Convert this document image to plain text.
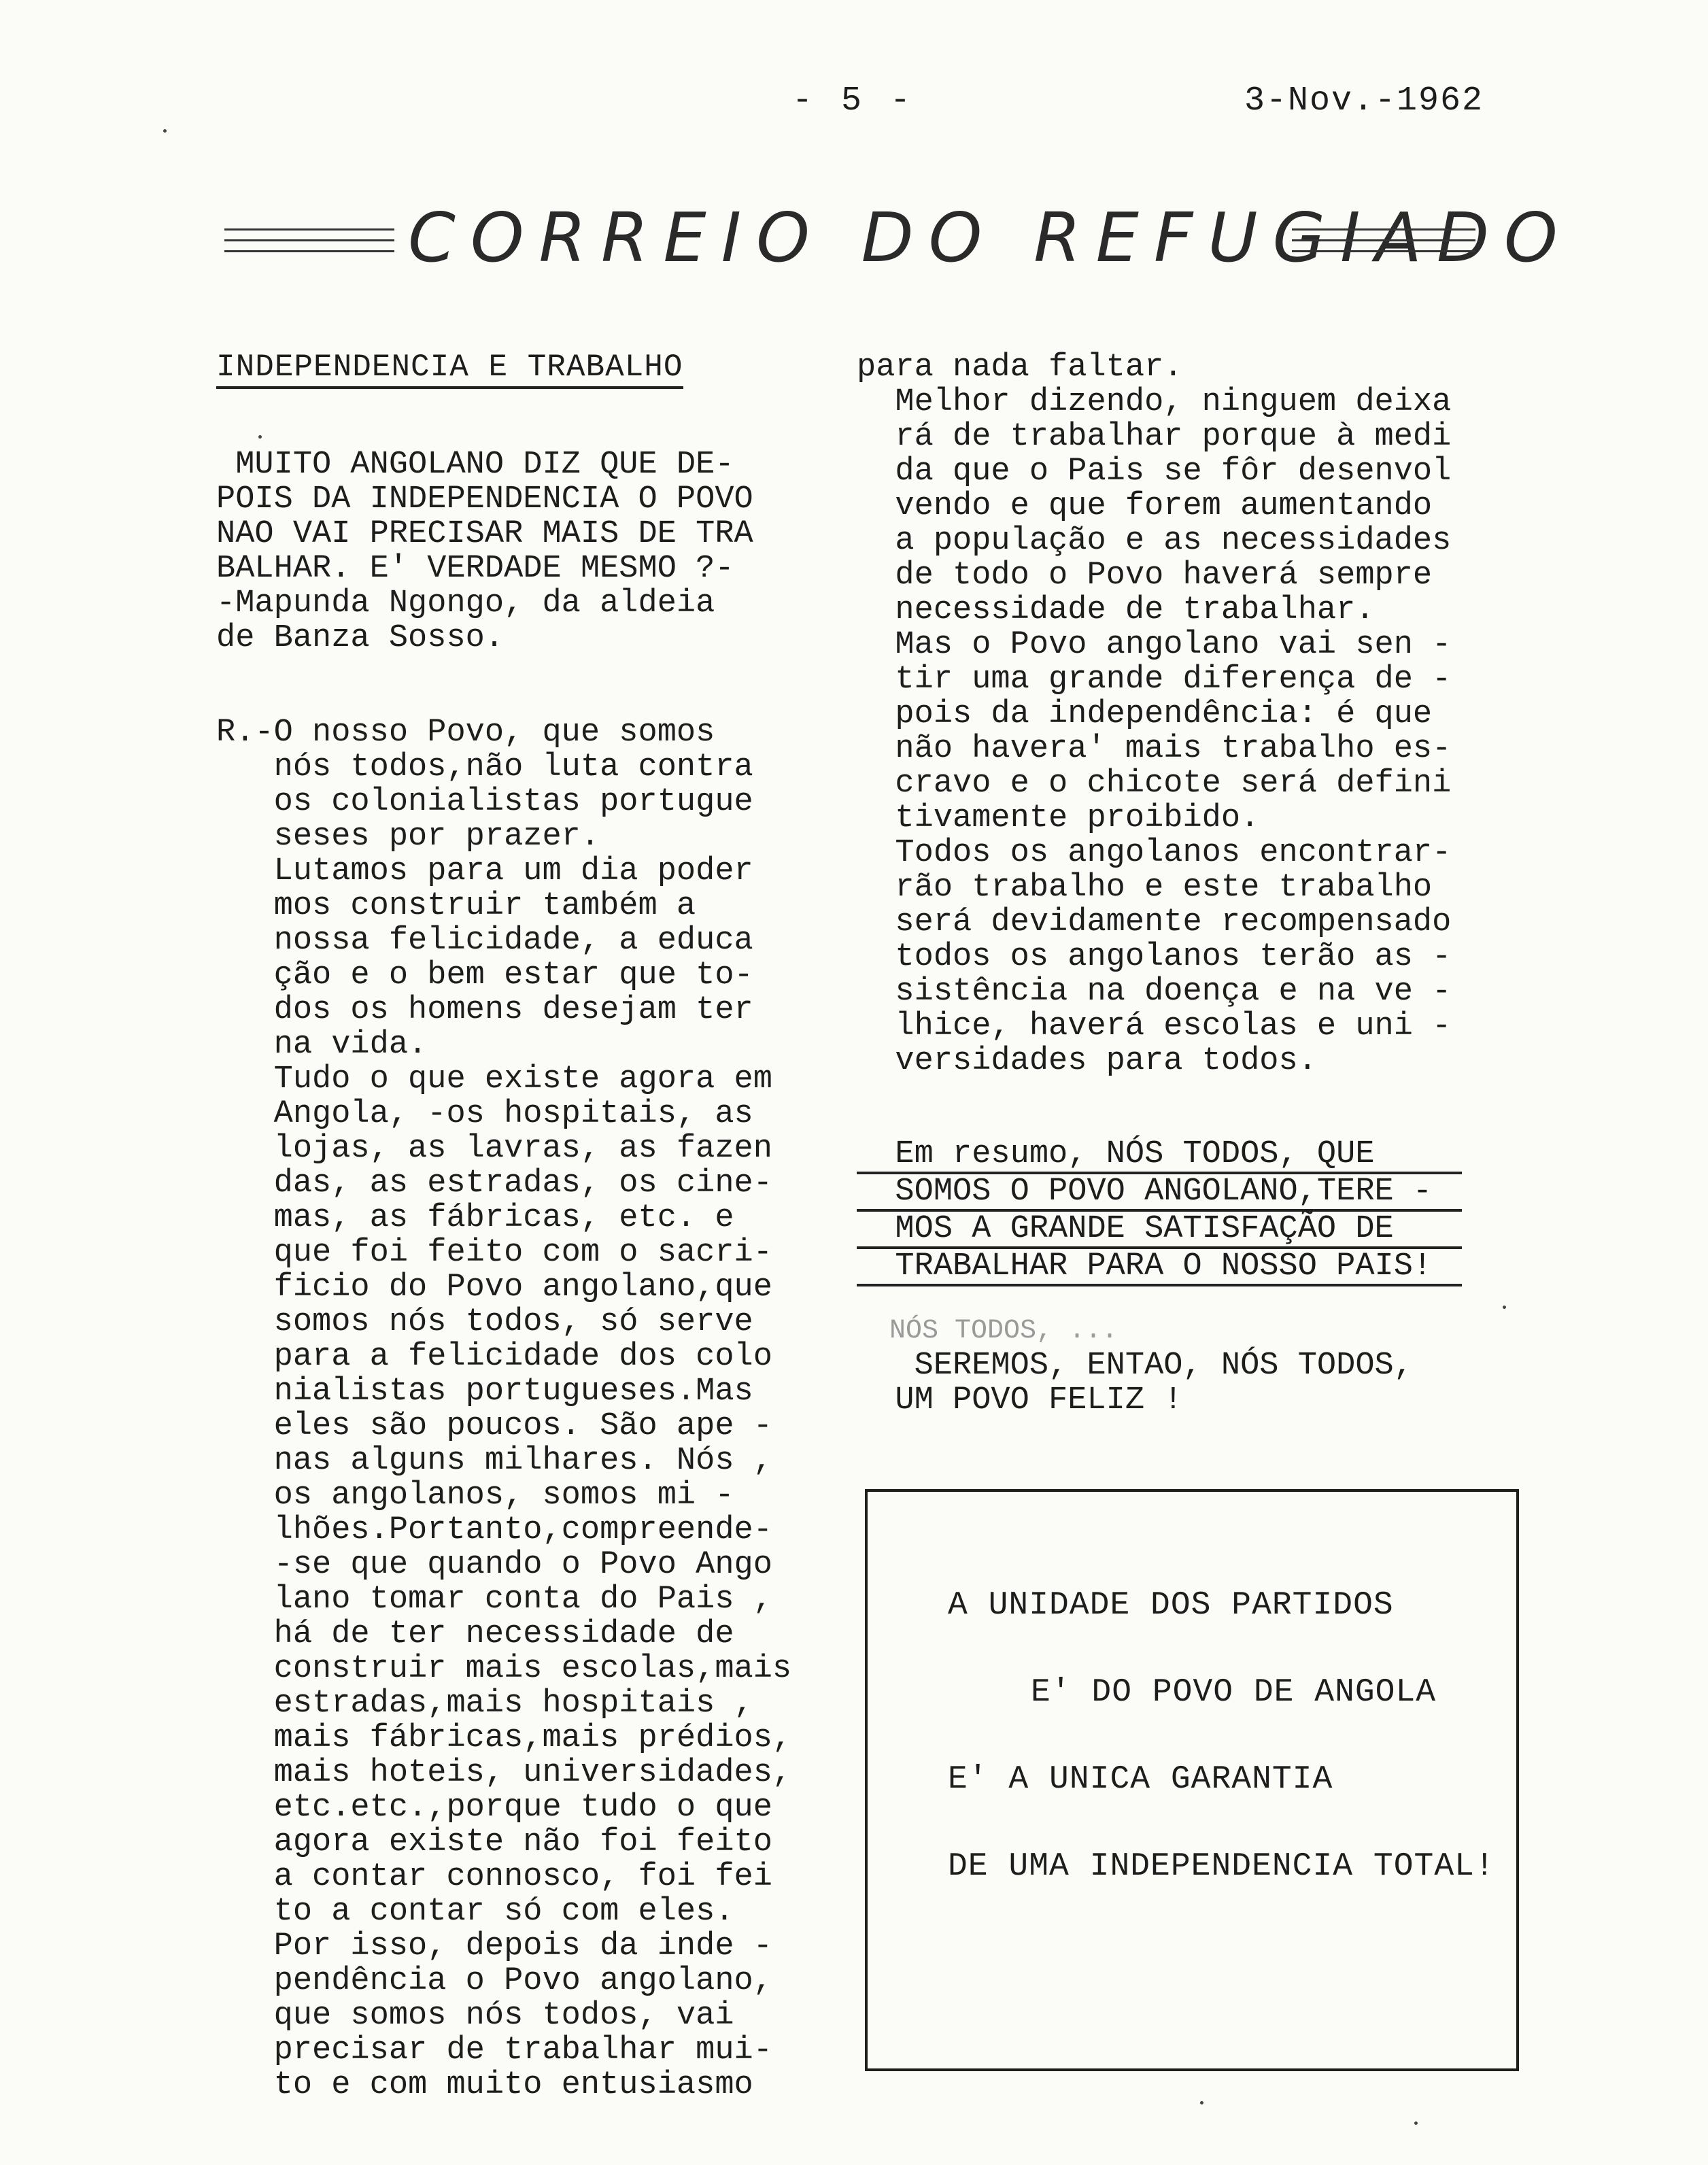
- 5 -	3-Nov.-1962
CORREIO DO REFUGIADO
INDEPENDENCIA E TRABALHO
MUITO ANGOLANO DIZ QUE DE-
POIS DA INDEPENDENCIA O POVO
NAO VAI PRECISAR MAIS DE TRA
BALHAR. E' VERDADE MESMO ?-
-Mapunda Ngongo, da aldeia
de Banza Sosso.
R.-O nosso Povo, que somos
nós todos,não luta contra
os colonialistas portugue
seses por prazer.
Lutamos para um dia poder
mos construir também a
nossa felicidade, a educa
ção e o bem estar que to-
dos os homens desejam ter
na vida.
Tudo o que existe agora em
Angola, -os hospitais, as
lojas, as lavras, as fazen
das, as estradas, os cine-
mas, as fábricas, etc. e
que foi feito com o sacri-
ficio do Povo angolano,que
somos nós todos, só serve
para a felicidade dos colo
nialistas portugueses.Mas
eles são poucos. São ape -
nas alguns milhares. Nós ,
os angolanos, somos mi -
lhões.Portanto,compreende-
-se que quando o Povo Ango
lano tomar conta do Pais ,
há de ter necessidade de
construir mais escolas,mais
estradas,mais hospitais ,
mais fábricas,mais prédios,
mais hoteis, universidades,
etc.etc.,porque tudo o que
agora existe não foi feito
a contar connosco, foi fei
to a contar só com eles.
Por isso, depois da inde -
pendência o Povo angolano,
que somos nós todos, vai
precisar de trabalhar mui-
to e com muito entusiasmo
para nada faltar.
Melhor dizendo, ninguem deixa
rá de trabalhar porque à medi
da que o Pais se fôr desenvol
vendo e que forem aumentando
a população e as necessidades
de todo o Povo haverá sempre
necessidade de trabalhar.
Mas o Povo angolano vai sen -
tir uma grande diferença de -
pois da independência: é que
não havera' mais trabalho es-
cravo e o chicote será defini
tivamente proibido.
Todos os angolanos encontrar-
rão trabalho e este trabalho
será devidamente recompensado
todos os angolanos terão as -
sistência na doença e na ve -
lhice, haverá escolas e uni -
versidades para todos.
Em resumo, NÓS TODOS, QUE
SOMOS O POVO ANGOLANO,TERE -
MOS A GRANDE SATISFAÇÃO DE
TRABALHAR PARA O NOSSO PAIS!
NÓS TODOS, ...
SEREMOS, ENTAO, NÓS TODOS,
UM POVO FELIZ !
A UNIDADE DOS PARTIDOS
E' DO POVO DE ANGOLA
E' A UNICA GARANTIA
DE UMA INDEPENDENCIA TOTAL!
